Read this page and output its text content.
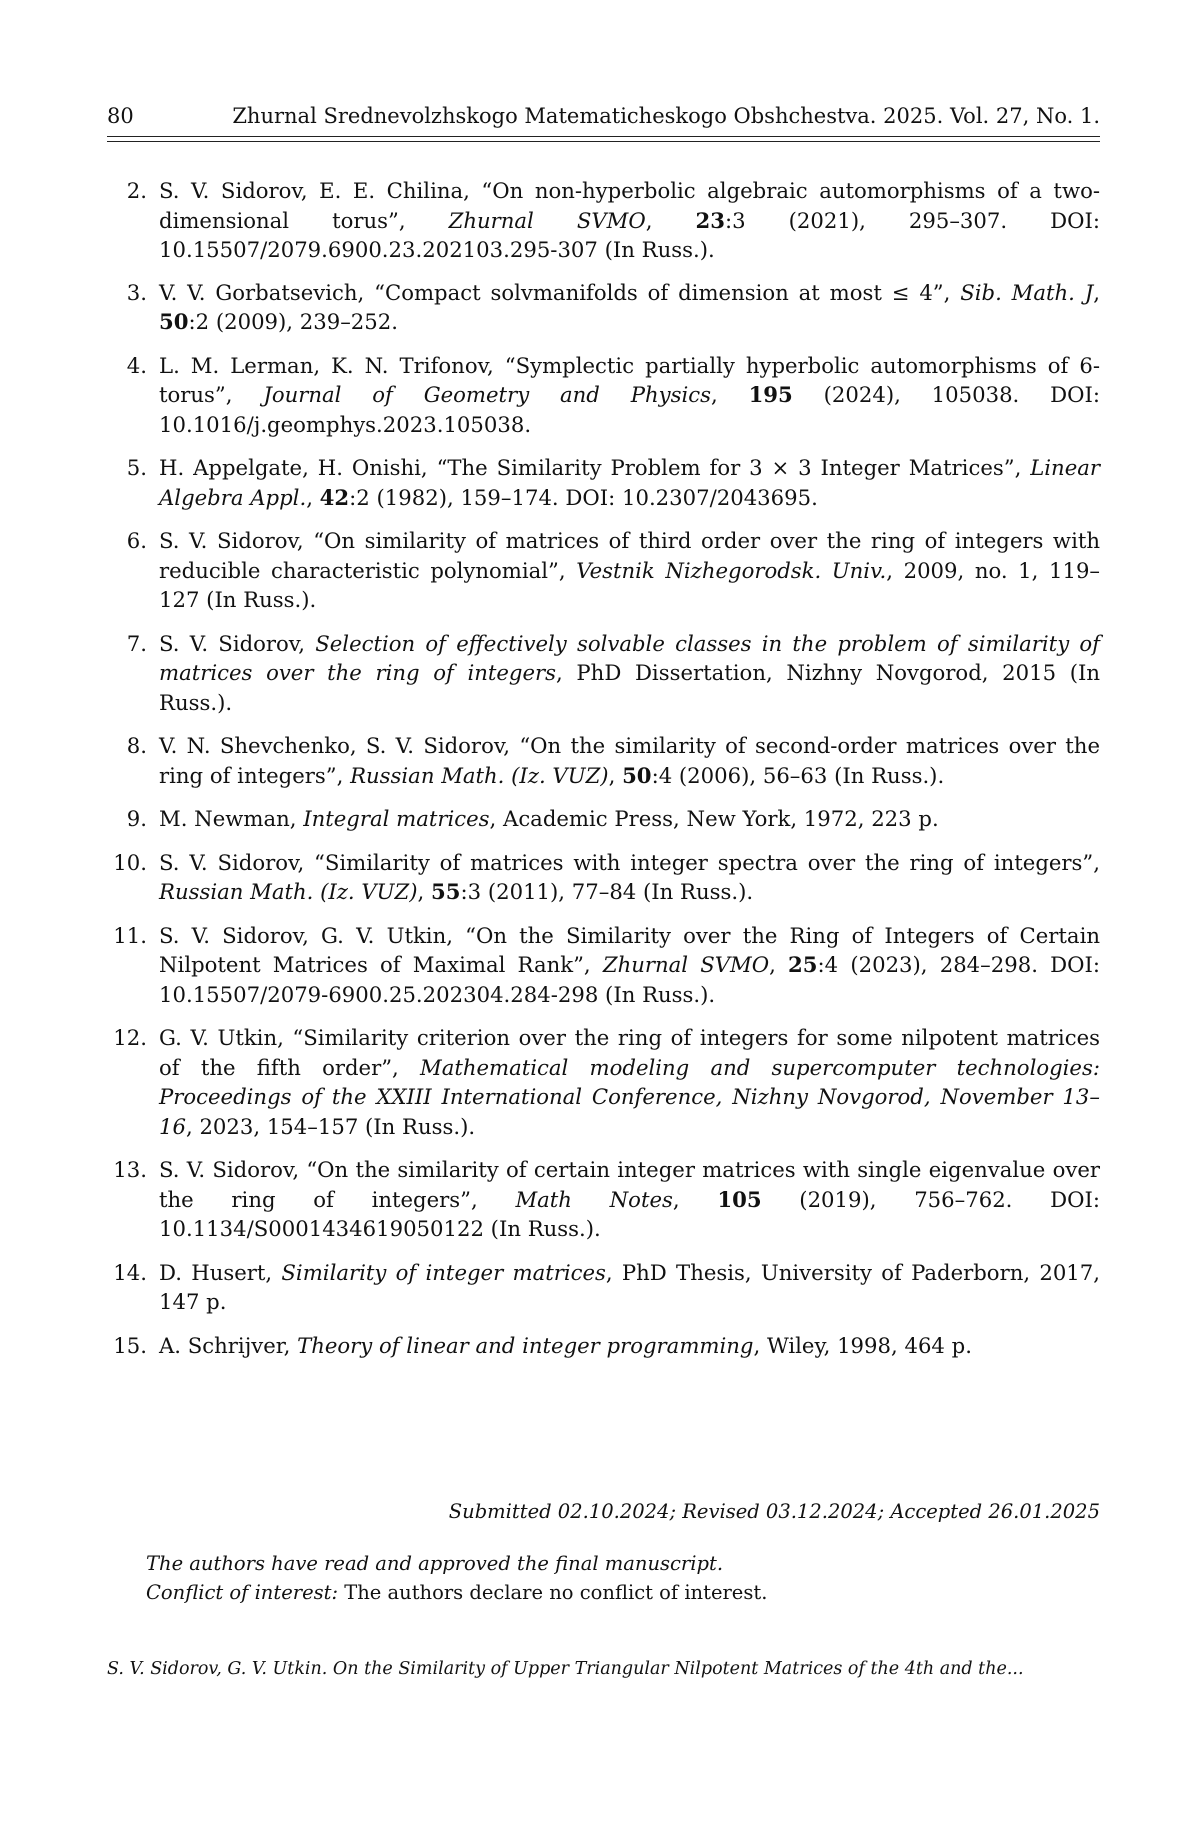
80	Zhurnal Srednevolzhskogo Matematicheskogo Obshchestva. 2025. Vol. 27, No. 1.
2. S. V. Sidorov, E. E. Chilina, “On non-hyperbolic algebraic automorphisms of a two-dimensional torus”, Zhurnal SVMO, 23:3 (2021), 295–307. DOI: 10.15507/2079.6900.23.202103.295-307 (In Russ.).
3. V. V. Gorbatsevich, “Compact solvmanifolds of dimension at most ≤ 4”, Sib. Math. J, 50:2 (2009), 239–252.
4. L. M. Lerman, K. N. Trifonov, “Symplectic partially hyperbolic automorphisms of 6-torus”, Journal of Geometry and Physics, 195 (2024), 105038. DOI: 10.1016/j.geomphys.2023.105038.
5. H. Appelgate, H. Onishi, “The Similarity Problem for 3 × 3 Integer Matrices”, Linear Algebra Appl., 42:2 (1982), 159–174. DOI: 10.2307/2043695.
6. S. V. Sidorov, “On similarity of matrices of third order over the ring of integers with reducible characteristic polynomial”, Vestnik Nizhegorodsk. Univ., 2009, no. 1, 119–127 (In Russ.).
7. S. V. Sidorov, Selection of effectively solvable classes in the problem of similarity of matrices over the ring of integers, PhD Dissertation, Nizhny Novgorod, 2015 (In Russ.).
8. V. N. Shevchenko, S. V. Sidorov, “On the similarity of second-order matrices over the ring of integers”, Russian Math. (Iz. VUZ), 50:4 (2006), 56–63 (In Russ.).
9. M. Newman, Integral matrices, Academic Press, New York, 1972, 223 p.
10. S. V. Sidorov, “Similarity of matrices with integer spectra over the ring of integers”, Russian Math. (Iz. VUZ), 55:3 (2011), 77–84 (In Russ.).
11. S. V. Sidorov, G. V. Utkin, “On the Similarity over the Ring of Integers of Certain Nilpotent Matrices of Maximal Rank”, Zhurnal SVMO, 25:4 (2023), 284–298. DOI: 10.15507/2079-6900.25.202304.284-298 (In Russ.).
12. G. V. Utkin, “Similarity criterion over the ring of integers for some nilpotent matrices of the fifth order”, Mathematical modeling and supercomputer technologies: Proceedings of the XXIII International Conference, Nizhny Novgorod, November 13–16, 2023, 154–157 (In Russ.).
13. S. V. Sidorov, “On the similarity of certain integer matrices with single eigenvalue over the ring of integers”, Math Notes, 105 (2019), 756–762. DOI: 10.1134/S0001434619050122 (In Russ.).
14. D. Husert, Similarity of integer matrices, PhD Thesis, University of Paderborn, 2017, 147 p.
15. A. Schrijver, Theory of linear and integer programming, Wiley, 1998, 464 p.
Submitted 02.10.2024; Revised 03.12.2024; Accepted 26.01.2025
The authors have read and approved the final manuscript.
Conflict of interest: The authors declare no conflict of interest.
S. V. Sidorov, G. V. Utkin. On the Similarity of Upper Triangular Nilpotent Matrices of the 4th and the...
